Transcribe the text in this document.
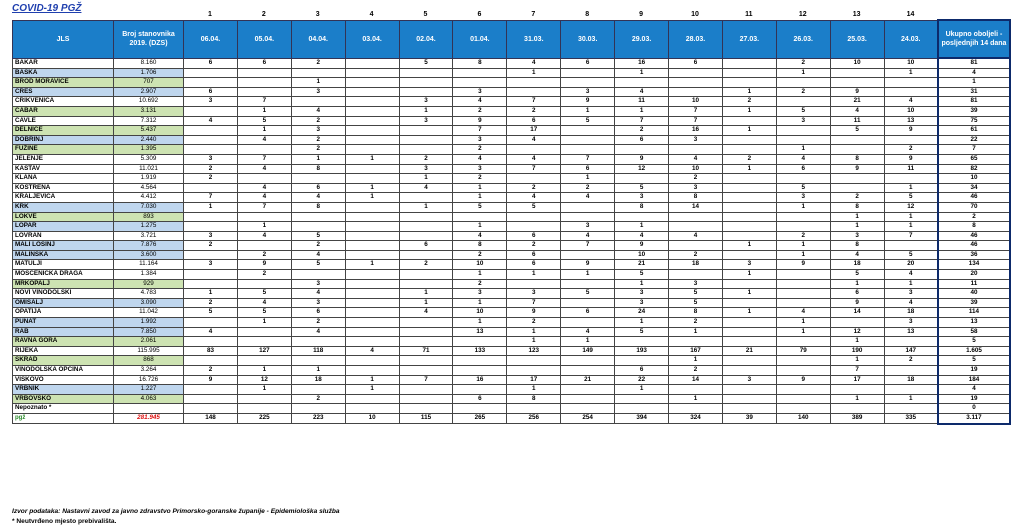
COVID-19 PGŽ
1	2	3	4	5	6	7	8	9	10	11	12	13	14
JLS	Broj stanovnika 2019. (DZS)	06.04.	05.04.	04.04.	03.04.	02.04.	01.04.	31.03.	30.03.	29.03.	28.03.	27.03.	26.03.	25.03.	24.03.	Ukupno oboljeli - posljednjih 14 dana
BAKAR	8.160	6	6	2		5	8	4	6	16	6		2	10	10	81
BAŠKA	1.706							1		1			1		1	4
BROD MORAVICE	707			1												1
CRES	2.907	6		3			3		3	4		1	2	9		31
CRIKVENICA	10.692	3	7			3	4	7	9	11	10	2		21	4	81
ČABAR	3.131		1	4		1	2	2	1	1	7	1	5	4	10	39
ČAVLE	7.312	4	5	2		3	9	6	5	7	7		3	11	13	75
DELNICE	5.437		1	3			7	17		2	16	1		5	9	61
DOBRINJ	2.440		4	2			3	4		6	3					22
FUŽINE	1.395			2			2						1		2	7
JELENJE	5.309	3	7	1	1	2	4	4	7	9	4	2	4	8	9	65
KASTAV	11.021	2	4	8		3	3	7	6	12	10	1	6	9	11	82
KLANA	1.919	2				1	2		1		2					10
KOSTRENA	4.564		4	6	1	4	1	2	2	5	3		5		1	34
KRALJEVICA	4.412	7	4	4	1		1	4	4	3	8		3	2	5	46
KRK	7.030	1	7	8		1	5	5		8	14		1	8	12	70
LOKVE	893													1	1	2
LOPAR	1.275		1				1		3	1				1	1	8
LOVRAN	3.721	3	4	5			4	6	4	4	4		2	3	7	46
MALI LOŠINJ	7.876	2		2		6	8	2	7	9		1	1	8		46
MALINSKA	3.600		2	4			2	6		10	2		1	4	5	36
MATULJI	11.164	3	9	5	1	2	10	6	9	21	18	3	9	18	20	134
MOŠĆENIČKA DRAGA	1.384		2				1	1	1	5		1		5	4	20
MRKOPALJ	929			3			2			1	3			1	1	11
NOVI VINODOLSKI	4.783	1	5	4		1	3	3	5	3	5	1		6	3	40
OMIŠALJ	3.090	2	4	3		1	1	7		3	5			9	4	39
OPATIJA	11.042	5	5	6		4	10	9	6	24	8	1	4	14	18	114
PUNAT	1.992		1	2			1	2		1	2		1		3	13
RAB	7.850	4		4			13	1	4	5	1		1	12	13	58
RAVNA GORA	2.061							1	1					1		5
RIJEKA	115.995	83	127	118	4	71	133	123	149	193	167	21	79	190	147	1.605
SKRAD	868										1			1	2	5
VINODOLSKA OPĆINA	3.264	2	1	1						6	2			7		19
VIŠKOVO	16.726	9	12	18	1	7	16	17	21	22	14	3	9	17	18	184
VRBNIK	1.227		1		1			1		1						4
VRBOVSKO	4.063			2			6	8			1			1	1	19
Nepoznato *																0
pgž	281.945	148	225	223	10	115	265	256	254	394	324	39	140	389	335	3.117
Izvor podataka: Nastavni zavod za javno zdravstvo Primorsko-goranske županije - Epidemiološka služba
* Neutvrđeno mjesto prebivališta.
